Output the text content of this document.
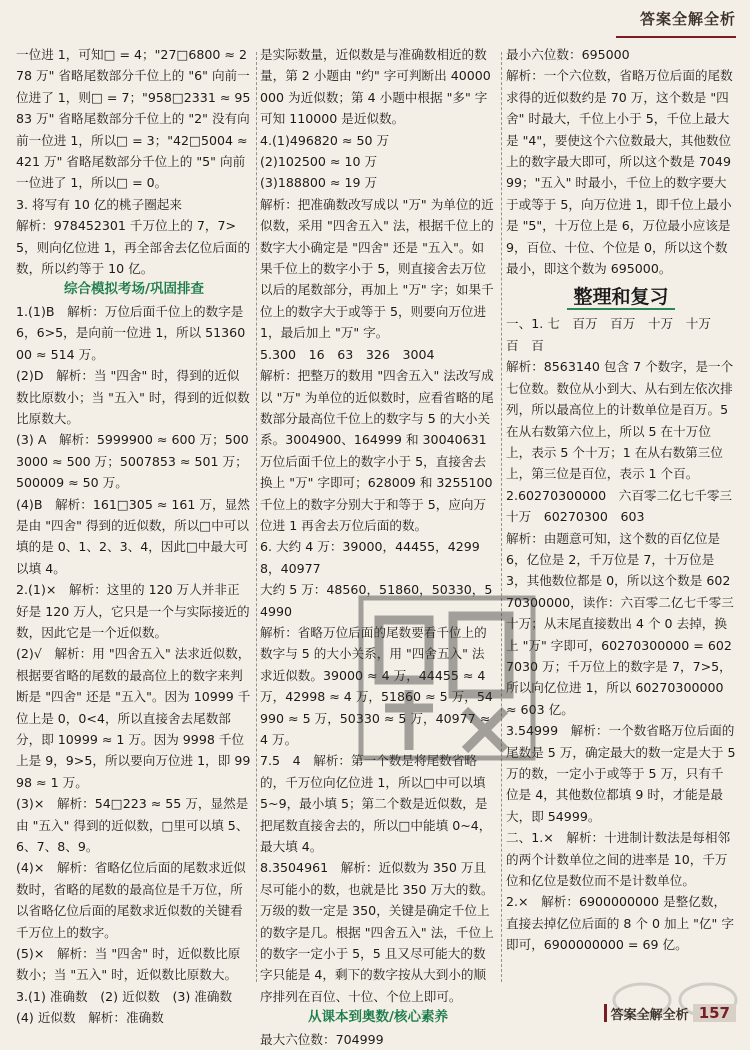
答案全解全析

一位进 1，可知□ = 4；"27□6800 ≈ 278 万" 省略尾数部分千位上的 "6" 向前一位进了 1，则□ = 7；"958□2331 ≈ 9583 万" 省略尾数部分千位上的 "2" 没有向前一位进 1，所以□ = 3；"42□5004 ≈ 421 万" 省略尾数部分千位上的 "5" 向前一位进了 1，所以□ = 0。

3. 将写有 10 亿的桃子圈起来

解析：978452301 千万位上的 7，7>5，则向亿位进 1，再全部舍去亿位后面的数，所以约等于 10 亿。

综合模拟考场/巩固排查

1.(1)B　解析：万位后面千位上的数字是 6，6>5，是向前一位进 1，所以 5136000 ≈ 514 万。

(2)D　解析：当 "四舍" 时，得到的近似数比原数小；当 "五入" 时，得到的近似数比原数大。

(3) A　解析：5999900 ≈ 600 万；5003000 ≈ 500 万；5007853 ≈ 501 万；500009 ≈ 50 万。

(4)B　解析：161□305 ≈ 161 万，显然是由 "四舍" 得到的近似数，所以□中可以填的是 0、1、2、3、4，因此□中最大可以填 4。

2.(1)×　解析：这里的 120 万人并非正好是 120 万人，它只是一个与实际接近的数，因此它是一个近似数。

(2)√　解析：用 "四舍五入" 法求近似数，根据要省略的尾数的最高位上的数字来判断是 "四舍" 还是 "五入"。因为 10999 千位上是 0，0<4，所以直接舍去尾数部分，即 10999 ≈ 1 万。因为 9998 千位上是 9，9>5，所以要向万位进 1，即 9998 ≈ 1 万。

(3)×　解析：54□223 ≈ 55 万，显然是由 "五入" 得到的近似数，□里可以填 5、6、7、8、9。

(4)×　解析：省略亿位后面的尾数求近似数时，省略的尾数的最高位是千万位，所以省略亿位后面的尾数求近似数的关键看千万位上的数字。

(5)×　解析：当 "四舍" 时，近似数比原数小；当 "五入" 时，近似数比原数大。

3.(1) 准确数　(2) 近似数　(3) 准确数　(4) 近似数　解析：准确数

是实际数量，近似数是与准确数相近的数量，第 2 小题由 "约" 字可判断出 40000000 为近似数；第 4 小题中根据 "多" 字可知 110000 是近似数。

4.(1)496820 ≈ 50 万

(2)102500 ≈ 10 万

(3)188800 ≈ 19 万

解析：把准确数改写成以 "万" 为单位的近似数，采用 "四舍五入" 法，根据千位上的数字大小确定是 "四舍" 还是 "五入"。如果千位上的数字小于 5，则直接舍去万位以后的尾数部分，再加上 "万" 字；如果千位上的数字大于或等于 5，则要向万位进 1，最后加上 "万" 字。

5.300　16　63　326　3004

解析：把整万的数用 "四舍五入" 法改写成以 "万" 为单位的近似数时，应看省略的尾数部分最高位千位上的数字与 5 的大小关系。3004900、164999 和 30040631 万位后面千位上的数字小于 5，直接舍去换上 "万" 字即可；628009 和 3255100 千位上的数字分别大于和等于 5，应向万位进 1 再舍去万位后面的数。

6. 大约 4 万：39000，44455，42998，40977

大约 5 万：48560，51860，50330，54990

解析：省略万位后面的尾数要看千位上的数字与 5 的大小关系，用 "四舍五入" 法求近似数。39000 ≈ 4 万，44455 ≈ 4 万，42998 ≈ 4 万，51860 ≈ 5 万，54990 ≈ 5 万，50330 ≈ 5 万，40977 ≈ 4 万。

7.5　4　解析：第一个数是将尾数省略的，千万位向亿位进 1，所以□中可以填 5~9，最小填 5；第二个数是近似数，是把尾数直接舍去的，所以□中能填 0~4，最大填 4。

8.3504961　解析：近似数为 350 万且尽可能小的数，也就是比 350 万大的数。万级的数一定是 350，关键是确定千位上的数字是几。根据 "四舍五入" 法，千位上的数字一定小于 5，5 且又尽可能大的数字只能是 4，剩下的数字按从大到小的顺序排列在百位、十位、个位上即可。

从课本到奥数/核心素养

最大六位数：704999

最小六位数：695000

解析：一个六位数，省略万位后面的尾数求得的近似数约是 70 万，这个数是 "四舍" 时最大，千位上小于 5，千位上最大是 "4"，要使这个六位数最大，其他数位上的数字最大即可，所以这个数是 704999；"五入" 时最小，千位上的数字要大于或等于 5，向万位进 1，即千位上最小是 "5"，十万位上是 6，万位最小应该是 9，百位、十位、个位是 0，所以这个数最小，即这个数为 695000。

整理和复习

一、1. 七　百万　百万　十万　十万　百　百

解析：8563140 包含 7 个数字，是一个七位数。数位从小到大、从右到左依次排列，所以最高位上的计数单位是百万。5 在从右数第六位上，所以 5 在十万位上，表示 5 个十万；1 在从右数第三位上，第三位是百位，表示 1 个百。

2.60270300000　六百零二亿七千零三十万　60270300　603

解析：由题意可知，这个数的百亿位是 6，亿位是 2，千万位是 7，十万位是 3，其他数位都是 0，所以这个数是 60270300000，读作：六百零二亿七千零三十万；从末尾直接数出 4 个 0 去掉，换上 "万" 字即可，60270300000 = 6027030 万；千万位上的数字是 7，7>5，所以向亿位进 1，所以 60270300000 ≈ 603 亿。

3.54999　解析：一个数省略万位后面的尾数是 5 万，确定最大的数一定是大于 5 万的数，一定小于或等于 5 万，只有千位是 4，其他数位都填 9 时，才能是最大，即 54999。

二、1.×　解析：十进制计数法是每相邻的两个计数单位之间的进率是 10，千万位和亿位是数位而不是计数单位。

2.×　解析：6900000000 是整亿数，直接去掉亿位后面的 8 个 0 加上 "亿" 字即可，6900000000 = 69 亿。

答案全解全析 157
